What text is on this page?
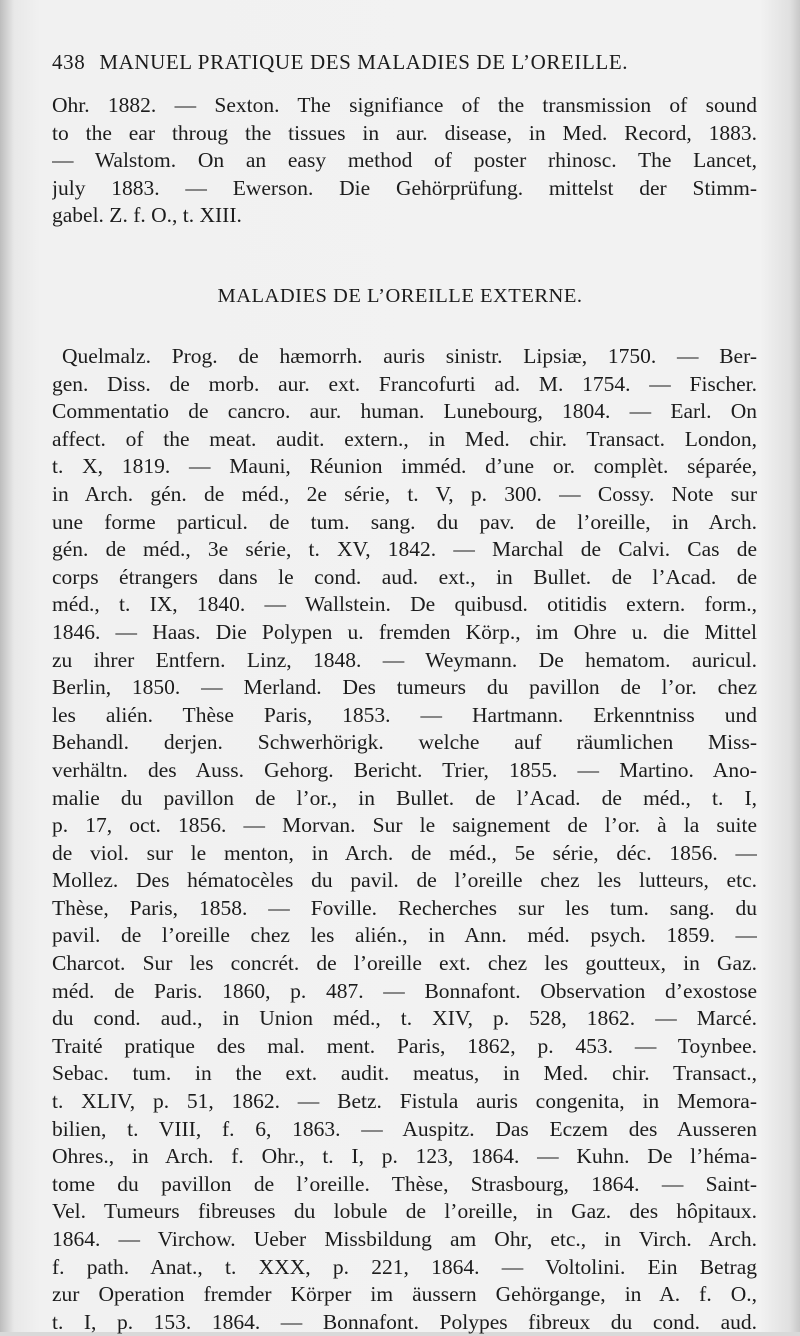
438 MANUEL PRATIQUE DES MALADIES DE L’OREILLE.
Ohr. 1882. — Sexton. The signifiance of the transmission of sound
to the ear throug the tissues in aur. disease, in Med. Record, 1883.
— Walstom. On an easy method of poster rhinosc. The Lancet,
july 1883. — Ewerson. Die Gehörprüfung. mittelst der Stimm-
gabel. Z. f. O., t. XIII.
MALADIES DE L’OREILLE EXTERNE.
Quelmalz. Prog. de hæmorrh. auris sinistr. Lipsiæ, 1750. — Ber-
gen. Diss. de morb. aur. ext. Francofurti ad. M. 1754. — Fischer.
Commentatio de cancro. aur. human. Lunebourg, 1804. — Earl. On
affect. of the meat. audit. extern., in Med. chir. Transact. London,
t. X, 1819. — Mauni, Réunion imméd. d’une or. complèt. séparée,
in Arch. gén. de méd., 2e série, t. V, p. 300. — Cossy. Note sur
une forme particul. de tum. sang. du pav. de l’oreille, in Arch.
gén. de méd., 3e série, t. XV, 1842. — Marchal de Calvi. Cas de
corps étrangers dans le cond. aud. ext., in Bullet. de l’Acad. de
méd., t. IX, 1840. — Wallstein. De quibusd. otitidis extern. form.,
1846. — Haas. Die Polypen u. fremden Körp., im Ohre u. die Mittel
zu ihrer Entfern. Linz, 1848. — Weymann. De hematom. auricul.
Berlin, 1850. — Merland. Des tumeurs du pavillon de l’or. chez
les alién. Thèse Paris, 1853. — Hartmann. Erkenntniss und
Behandl. derjen. Schwerhörigk. welche auf räumlichen Miss-
verhältn. des Auss. Gehorg. Bericht. Trier, 1855. — Martino. Ano-
malie du pavillon de l’or., in Bullet. de l’Acad. de méd., t. I,
p. 17, oct. 1856. — Morvan. Sur le saignement de l’or. à la suite
de viol. sur le menton, in Arch. de méd., 5e série, déc. 1856. —
Mollez. Des hématocèles du pavil. de l’oreille chez les lutteurs, etc.
Thèse, Paris, 1858. — Foville. Recherches sur les tum. sang. du
pavil. de l’oreille chez les alién., in Ann. méd. psych. 1859. —
Charcot. Sur les concrét. de l’oreille ext. chez les goutteux, in Gaz.
méd. de Paris. 1860, p. 487. — Bonnafont. Observation d’exostose
du cond. aud., in Union méd., t. XIV, p. 528, 1862. — Marcé.
Traité pratique des mal. ment. Paris, 1862, p. 453. — Toynbee.
Sebac. tum. in the ext. audit. meatus, in Med. chir. Transact.,
t. XLIV, p. 51, 1862. — Betz. Fistula auris congenita, in Memora-
bilien, t. VIII, f. 6, 1863. — Auspitz. Das Eczem des Ausseren
Ohres., in Arch. f. Ohr., t. I, p. 123, 1864. — Kuhn. De l’héma-
tome du pavillon de l’oreille. Thèse, Strasbourg, 1864. — Saint-
Vel. Tumeurs fibreuses du lobule de l’oreille, in Gaz. des hôpitaux.
1864. — Virchow. Ueber Missbildung am Ohr, etc., in Virch. Arch.
f. path. Anat., t. XXX, p. 221, 1864. — Voltolini. Ein Betrag
zur Operation fremder Körper im äussern Gehörgange, in A. f. O.,
t. I, p. 153. 1864. — Bonnafont. Polypes fibreux du cond. aud.
